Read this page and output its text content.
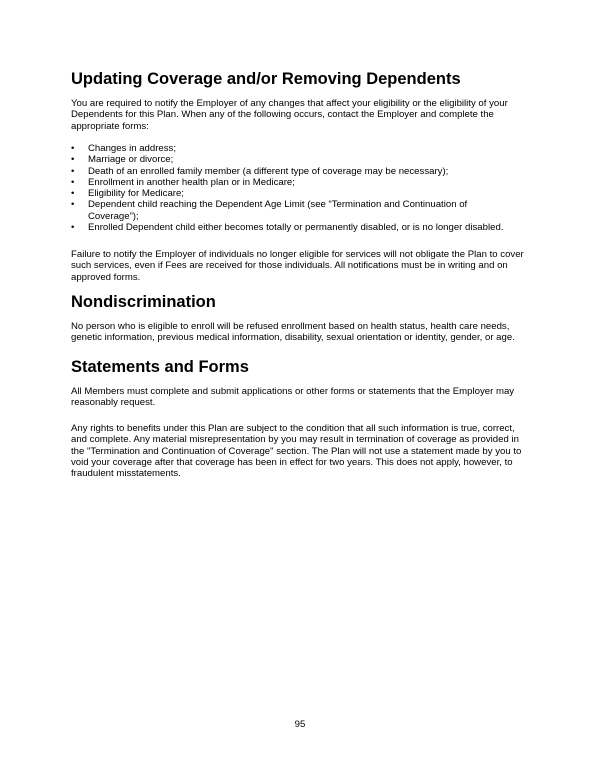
Updating Coverage and/or Removing Dependents

You are required to notify the Employer of any changes that affect your eligibility or the eligibility of your Dependents for this Plan. When any of the following occurs, contact the Employer and complete the appropriate forms:

• Changes in address;
• Marriage or divorce;
• Death of an enrolled family member (a different type of coverage may be necessary);
• Enrollment in another health plan or in Medicare;
• Eligibility for Medicare;
• Dependent child reaching the Dependent Age Limit (see “Termination and Continuation of Coverage”);
• Enrolled Dependent child either becomes totally or permanently disabled, or is no longer disabled.

Failure to notify the Employer of individuals no longer eligible for services will not obligate the Plan to cover such services, even if Fees are received for those individuals. All notifications must be in writing and on approved forms.

Nondiscrimination

No person who is eligible to enroll will be refused enrollment based on health status, health care needs, genetic information, previous medical information, disability, sexual orientation or identity, gender, or age.

Statements and Forms

All Members must complete and submit applications or other forms or statements that the Employer may reasonably request.

Any rights to benefits under this Plan are subject to the condition that all such information is true, correct, and complete. Any material misrepresentation by you may result in termination of coverage as provided in the "Termination and Continuation of Coverage" section. The Plan will not use a statement made by you to void your coverage after that coverage has been in effect for two years. This does not apply, however, to fraudulent misstatements.

95
